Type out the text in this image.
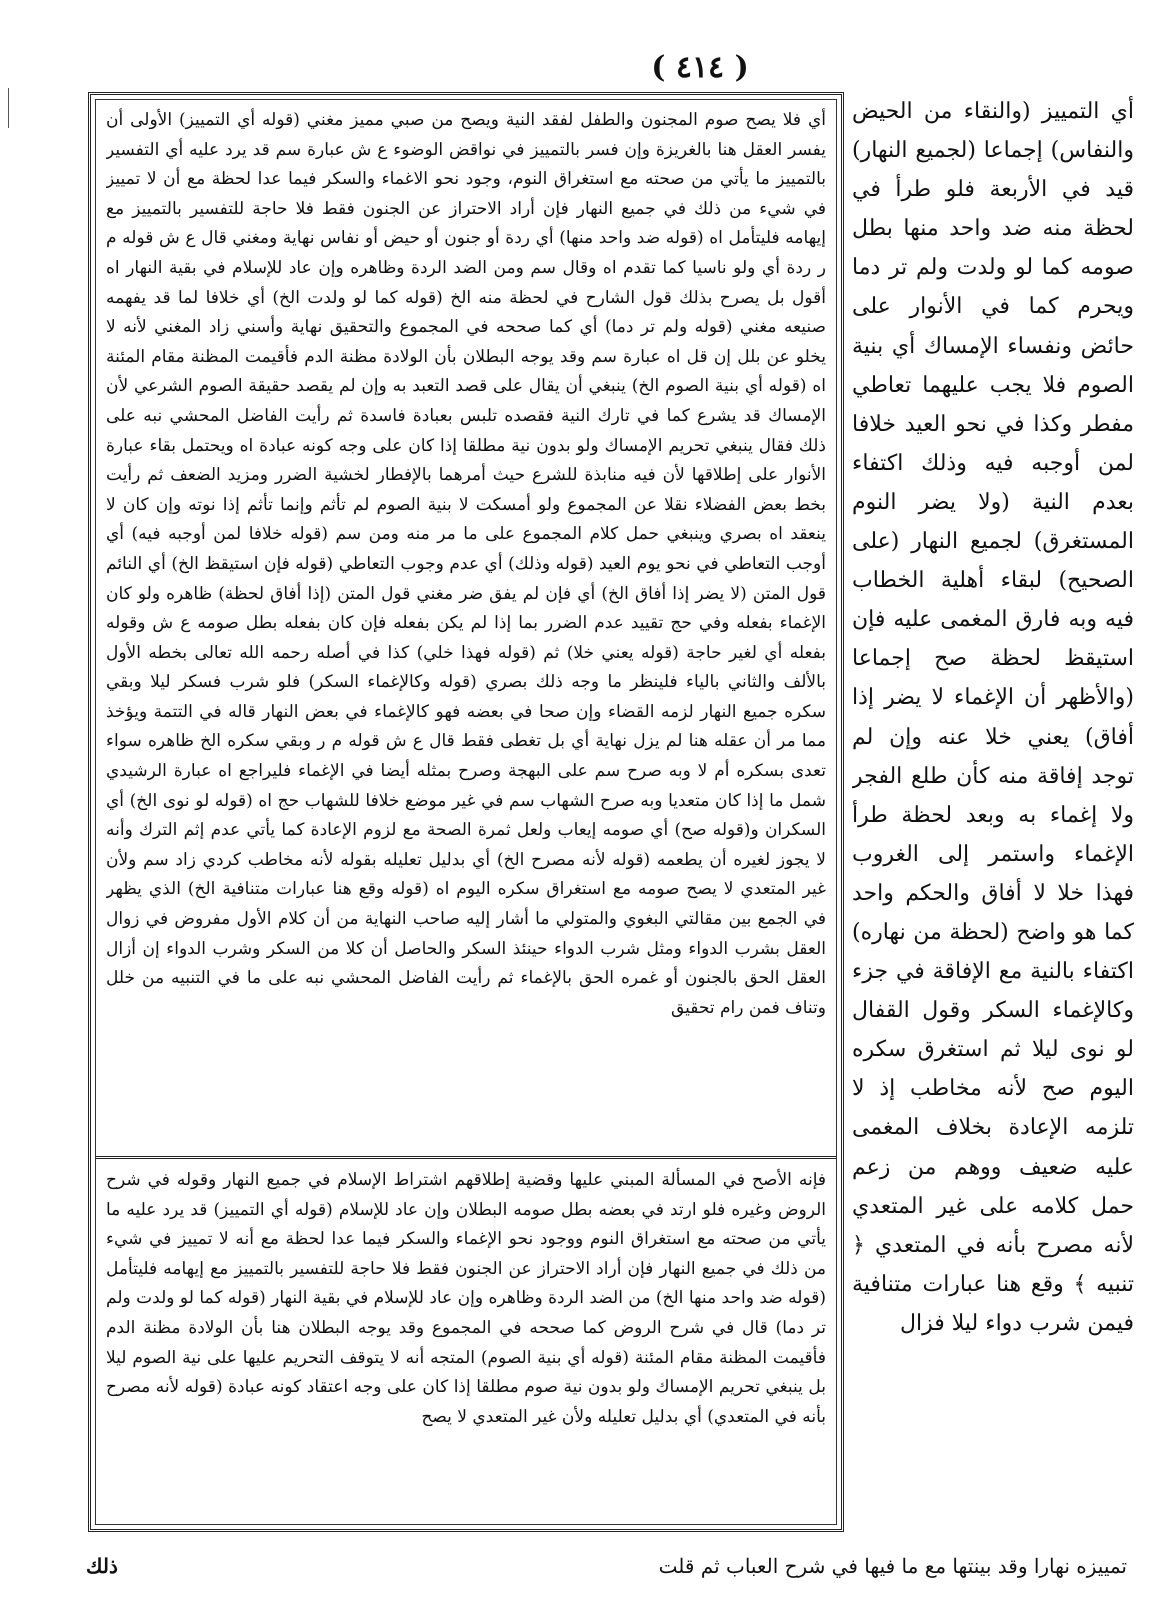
( ٤١٤ )
أي فلا يصح صوم المجنون والطفل لفقد النية ويصح من صبي مميز مغني (قوله أي التمييز) الأولى أن يفسر العقل هنا بالغريزة وإن فسر بالتمييز في نواقض الوضوء ع ش عبارة سم قد يرد عليه أي التفسير بالتمييز ما يأتي من صحته مع استغراق النوم، وجود نحو الاغماء والسكر فيما عدا لحظة مع أن لا تمييز في شيء من ذلك في جميع النهار فإن أراد الاحتراز عن الجنون فقط فلا حاجة للتفسير بالتمييز مع إيهامه فليتأمل اه (قوله ضد واحد منها) أي ردة أو جنون أو حيض أو نفاس نهاية ومغني قال ع ش قوله م ر ردة أي ولو ناسيا كما تقدم اه وقال سم ومن الضد الردة وظاهره وإن عاد للإسلام في بقية النهار اه أقول بل يصرح بذلك قول الشارح في لحظة منه الخ (قوله كما لو ولدت الخ) أي خلافا لما قد يفهمه صنيعه مغني (قوله ولم تر دما) أي كما صححه في المجموع والتحقيق نهاية وأسني زاد المغني لأنه لا يخلو عن بلل إن قل اه عبارة سم وقد يوجه البطلان بأن الولادة مظنة الدم فأقيمت المظنة مقام المئنة اه (قوله أي بنية الصوم الخ) ينبغي أن يقال على قصد التعبد به وإن لم يقصد حقيقة الصوم الشرعي لأن الإمساك قد يشرع كما في تارك النية فقصده تلبس بعبادة فاسدة ثم رأيت الفاضل المحشي نبه على ذلك فقال ينبغي تحريم الإمساك ولو بدون نية مطلقا إذا كان على وجه كونه عبادة اه ويحتمل بقاء عبارة الأنوار على إطلاقها لأن فيه منابذة للشرع حيث أمرهما بالإفطار لخشية الضرر ومزيد الضعف ثم رأيت بخط بعض الفضلاء نقلا عن المجموع ولو أمسكت لا بنية الصوم لم تأثم وإنما تأثم إذا نوته وإن كان لا ينعقد اه بصري وينبغي حمل كلام المجموع على ما مر منه ومن سم (قوله خلافا لمن أوجبه فيه) أي أوجب التعاطي في نحو يوم العيد (قوله وذلك) أي عدم وجوب التعاطي (قوله فإن استيقظ الخ) أي النائم قول المتن (لا يضر إذا أفاق الخ) أي فإن لم يفق ضر مغني قول المتن (إذا أفاق لحظة) ظاهره ولو كان الإغماء بفعله وفي حج تقييد عدم الضرر بما إذا لم يكن بفعله فإن كان بفعله بطل صومه ع ش وقوله بفعله أي لغير حاجة (قوله يعني خلا) ثم (قوله فهذا خلي) كذا في أصله رحمه الله تعالى بخطه الأول بالألف والثاني بالياء فلينظر ما وجه ذلك بصري (قوله وكالإغماء السكر) فلو شرب فسكر ليلا وبقي سكره جميع النهار لزمه القضاء وإن صحا في بعضه فهو كالإغماء في بعض النهار قاله في التتمة ويؤخذ مما مر أن عقله هنا لم يزل نهاية أي بل تغطى فقط قال ع ش قوله م ر وبقي سكره الخ ظاهره سواء تعدى بسكره أم لا وبه صرح سم على البهجة وصرح بمثله أيضا في الإغماء فليراجع اه عبارة الرشيدي شمل ما إذا كان متعديا وبه صرح الشهاب سم في غير موضع خلافا للشهاب حج اه (قوله لو نوى الخ) أي السكران و(قوله صح) أي صومه إيعاب ولعل ثمرة الصحة مع لزوم الإعادة كما يأتي عدم إثم الترك وأنه لا يجوز لغيره أن يطعمه (قوله لأنه مصرح الخ) أي بدليل تعليله بقوله لأنه مخاطب كردي زاد سم ولأن غير المتعدي لا يصح صومه مع استغراق سكره اليوم اه (قوله وقع هنا عبارات متنافية الخ) الذي يظهر في الجمع بين مقالتي البغوي والمتولي ما أشار إليه صاحب النهاية من أن كلام الأول مفروض في زوال العقل بشرب الدواء ومثل شرب الدواء حينئذ السكر والحاصل أن كلا من السكر وشرب الدواء إن أزال العقل الحق بالجنون أو غمره الحق بالإغماء ثم رأيت الفاضل المحشي نبه على ما في التنبيه من خلل وتناف فمن رام تحقيق
فإنه الأصح في المسألة المبني عليها وقضية إطلاقهم اشتراط الإسلام في جميع النهار وقوله في شرح الروض وغيره فلو ارتد في بعضه بطل صومه البطلان وإن عاد للإسلام (قوله أي التمييز) قد يرد عليه ما يأتي من صحته مع استغراق النوم ووجود نحو الإغماء والسكر فيما عدا لحظة مع أنه لا تمييز في شيء من ذلك في جميع النهار فإن أراد الاحتراز عن الجنون فقط فلا حاجة للتفسير بالتمييز مع إيهامه فليتأمل (قوله ضد واحد منها الخ) من الضد الردة وظاهره وإن عاد للإسلام في بقية النهار (قوله كما لو ولدت ولم تر دما) قال في شرح الروض كما صححه في المجموع وقد يوجه البطلان هنا بأن الولادة مظنة الدم فأقيمت المظنة مقام المئنة (قوله أي بنية الصوم) المتجه أنه لا يتوقف التحريم عليها على نية الصوم ليلا بل ينبغي تحريم الإمساك ولو بدون نية صوم مطلقا إذا كان على وجه اعتقاد كونه عبادة (قوله لأنه مصرح بأنه في المتعدي) أي بدليل تعليله ولأن غير المتعدي لا يصح
أي التمييز (والنقاء من الحيض والنفاس) إجماعا (لجميع النهار) قيد في الأربعة فلو طرأ في لحظة منه ضد واحد منها بطل صومه كما لو ولدت ولم تر دما ويحرم كما في الأنوار على حائض ونفساء الإمساك أي بنية الصوم فلا يجب عليهما تعاطي مفطر وكذا في نحو العيد خلافا لمن أوجبه فيه وذلك اكتفاء بعدم النية (ولا يضر النوم المستغرق) لجميع النهار (على الصحيح) لبقاء أهلية الخطاب فيه وبه فارق المغمى عليه فإن استيقظ لحظة صح إجماعا (والأظهر أن الإغماء لا يضر إذا أفاق) يعني خلا عنه وإن لم توجد إفاقة منه كأن طلع الفجر ولا إغماء به وبعد لحظة طرأ الإغماء واستمر إلى الغروب فهذا خلا لا أفاق والحكم واحد كما هو واضح (لحظة من نهاره) اكتفاء بالنية مع الإفاقة في جزء وكالإغماء السكر وقول القفال لو نوى ليلا ثم استغرق سكره اليوم صح لأنه مخاطب إذ لا تلزمه الإعادة بخلاف المغمى عليه ضعيف ووهم من زعم حمل كلامه على غير المتعدي لأنه مصرح بأنه في المتعدي ﴿ تنبيه ﴾ وقع هنا عبارات متنافية فيمن شرب دواء ليلا فزال
تمييزه نهارا وقد بينتها مع ما فيها في شرح العباب ثم قلت
ذلك
